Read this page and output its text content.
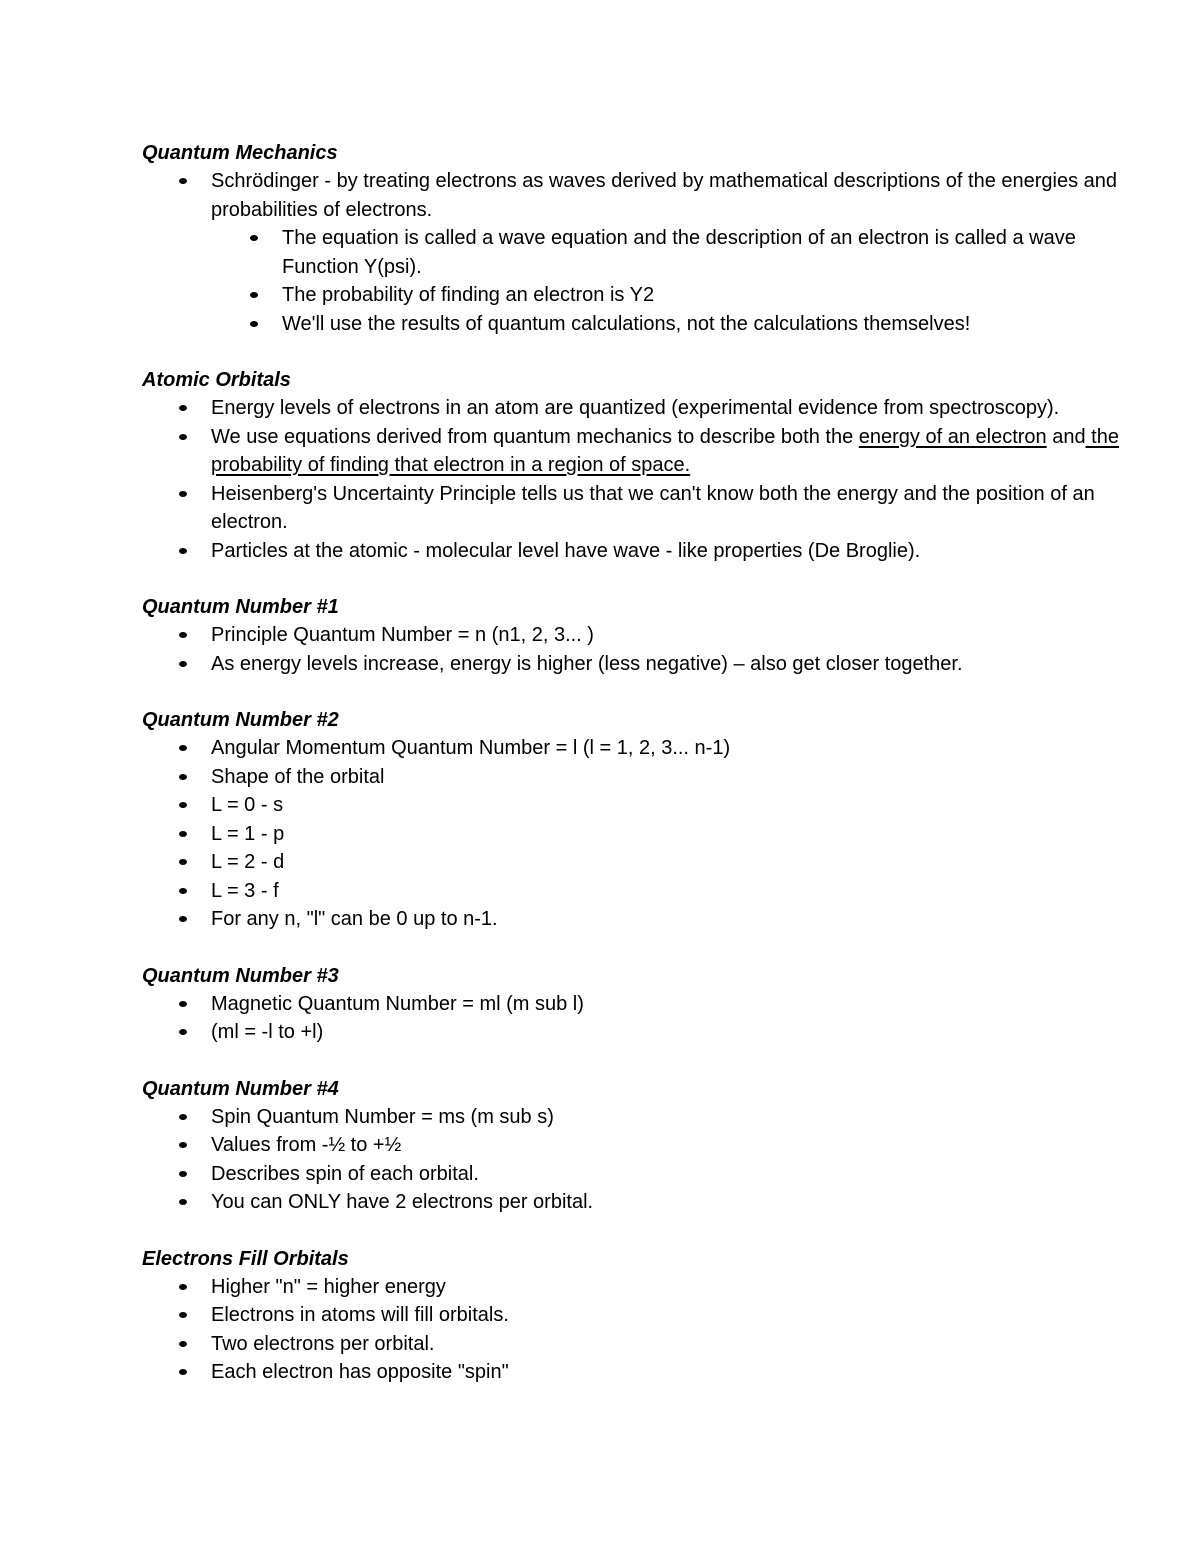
Quantum Mechanics
Schrödinger - by treating electrons as waves derived by mathematical descriptions of the energies and probabilities of electrons.
The equation is called a wave equation and the description of an electron is called a wave Function Y(psi).
The probability of finding an electron is Y2
We'll use the results of quantum calculations, not the calculations themselves!
Atomic Orbitals
Energy levels of electrons in an atom are quantized (experimental evidence from spectroscopy).
We use equations derived from quantum mechanics to describe both the energy of an electron and the probability of finding that electron in a region of space.
Heisenberg's Uncertainty Principle tells us that we can't know both the energy and the position of an electron.
Particles at the atomic - molecular level have wave - like properties (De Broglie).
Quantum Number #1
Principle Quantum Number = n (n1, 2, 3... )
As energy levels increase, energy is higher (less negative) – also get closer together.
Quantum Number #2
Angular Momentum Quantum Number = l (l = 1, 2, 3... n-1)
Shape of the orbital
L = 0 - s
L = 1 - p
L = 2 - d
L = 3 - f
For any n, "l" can be 0 up to n-1.
Quantum Number #3
Magnetic Quantum Number = ml (m sub l)
(ml = -l to +l)
Quantum Number #4
Spin Quantum Number = ms (m sub s)
Values from -½ to +½
Describes spin of each orbital.
You can ONLY have 2 electrons per orbital.
Electrons Fill Orbitals
Higher "n" = higher energy
Electrons in atoms will fill orbitals.
Two electrons per orbital.
Each electron has opposite "spin"
